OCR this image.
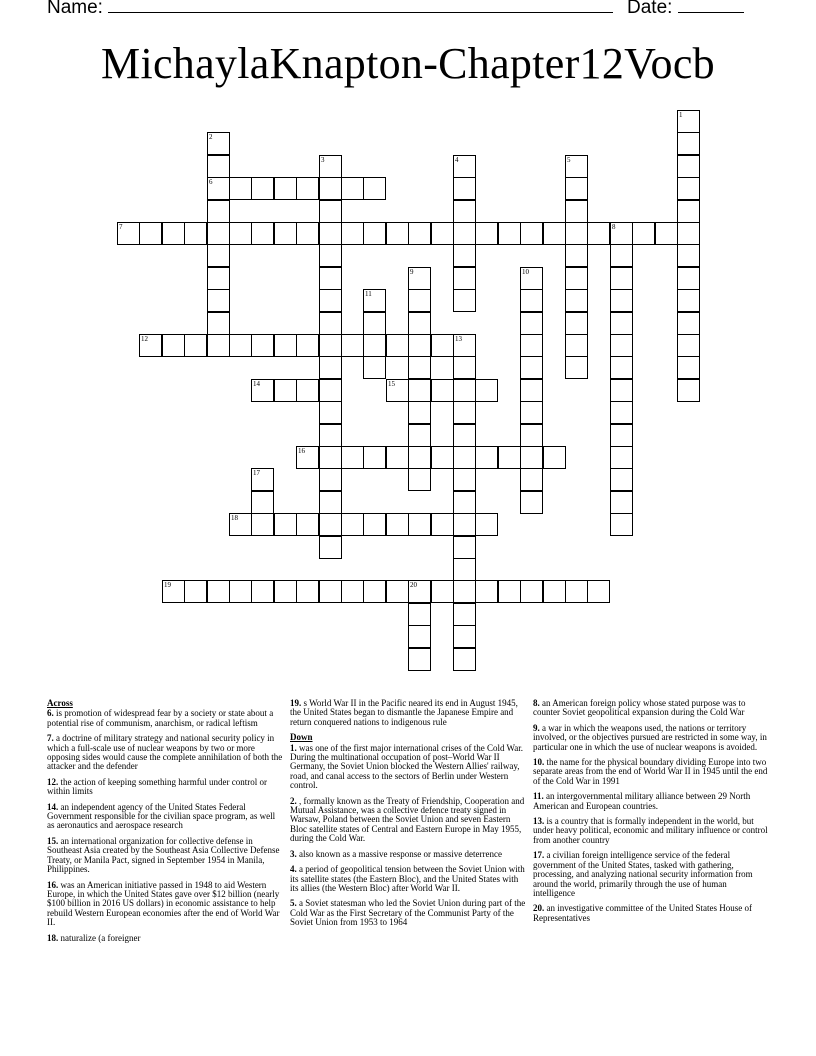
Name:	Date:
MichaylaKnapton-Chapter12Vocb
1
2
6
3	4	5
7	8
9	10
11
12	13
14	15
16
17
18
19	20
Across
6. is promotion of widespread fear by a society or state about a potential rise of communism, anarchism, or radical leftism
7. a doctrine of military strategy and national security policy in which a full-scale use of nuclear weapons by two or more opposing sides would cause the complete annihilation of both the attacker and the defender
12. the action of keeping something harmful under control or within limits
14. an independent agency of the United States Federal Government responsible for the civilian space program, as well as aeronautics and aerospace research
15. an international organization for collective defense in Southeast Asia created by the Southeast Asia Collective Defense Treaty, or Manila Pact, signed in September 1954 in Manila, Philippines.
16. was an American initiative passed in 1948 to aid Western Europe, in which the United States gave over $12 billion (nearly $100 billion in 2016 US dollars) in economic assistance to help rebuild Western European economies after the end of World War II.
18. naturalize (a foreigner
19. s World War II in the Pacific neared its end in August 1945, the United States began to dismantle the Japanese Empire and return conquered nations to indigenous rule
Down
1. was one of the first major international crises of the Cold War. During the multinational occupation of post–World War II Germany, the Soviet Union blocked the Western Allies' railway, road, and canal access to the sectors of Berlin under Western control.
2. , formally known as the Treaty of Friendship, Cooperation and Mutual Assistance, was a collective defence treaty signed in Warsaw, Poland between the Soviet Union and seven Eastern Bloc satellite states of Central and Eastern Europe in May 1955, during the Cold War.
3. also known as a massive response or massive deterrence
4. a period of geopolitical tension between the Soviet Union with its satellite states (the Eastern Bloc), and the United States with its allies (the Western Bloc) after World War II.
5. a Soviet statesman who led the Soviet Union during part of the Cold War as the First Secretary of the Communist Party of the Soviet Union from 1953 to 1964
8. an American foreign policy whose stated purpose was to counter Soviet geopolitical expansion during the Cold War
9. a war in which the weapons used, the nations or territory involved, or the objectives pursued are restricted in some way, in particular one in which the use of nuclear weapons is avoided.
10. the name for the physical boundary dividing Europe into two separate areas from the end of World War II in 1945 until the end of the Cold War in 1991
11. an intergovernmental military alliance between 29 North American and European countries.
13. is a country that is formally independent in the world, but under heavy political, economic and military influence or control from another country
17. a civilian foreign intelligence service of the federal government of the United States, tasked with gathering, processing, and analyzing national security information from around the world, primarily through the use of human intelligence
20. an investigative committee of the United States House of Representatives
